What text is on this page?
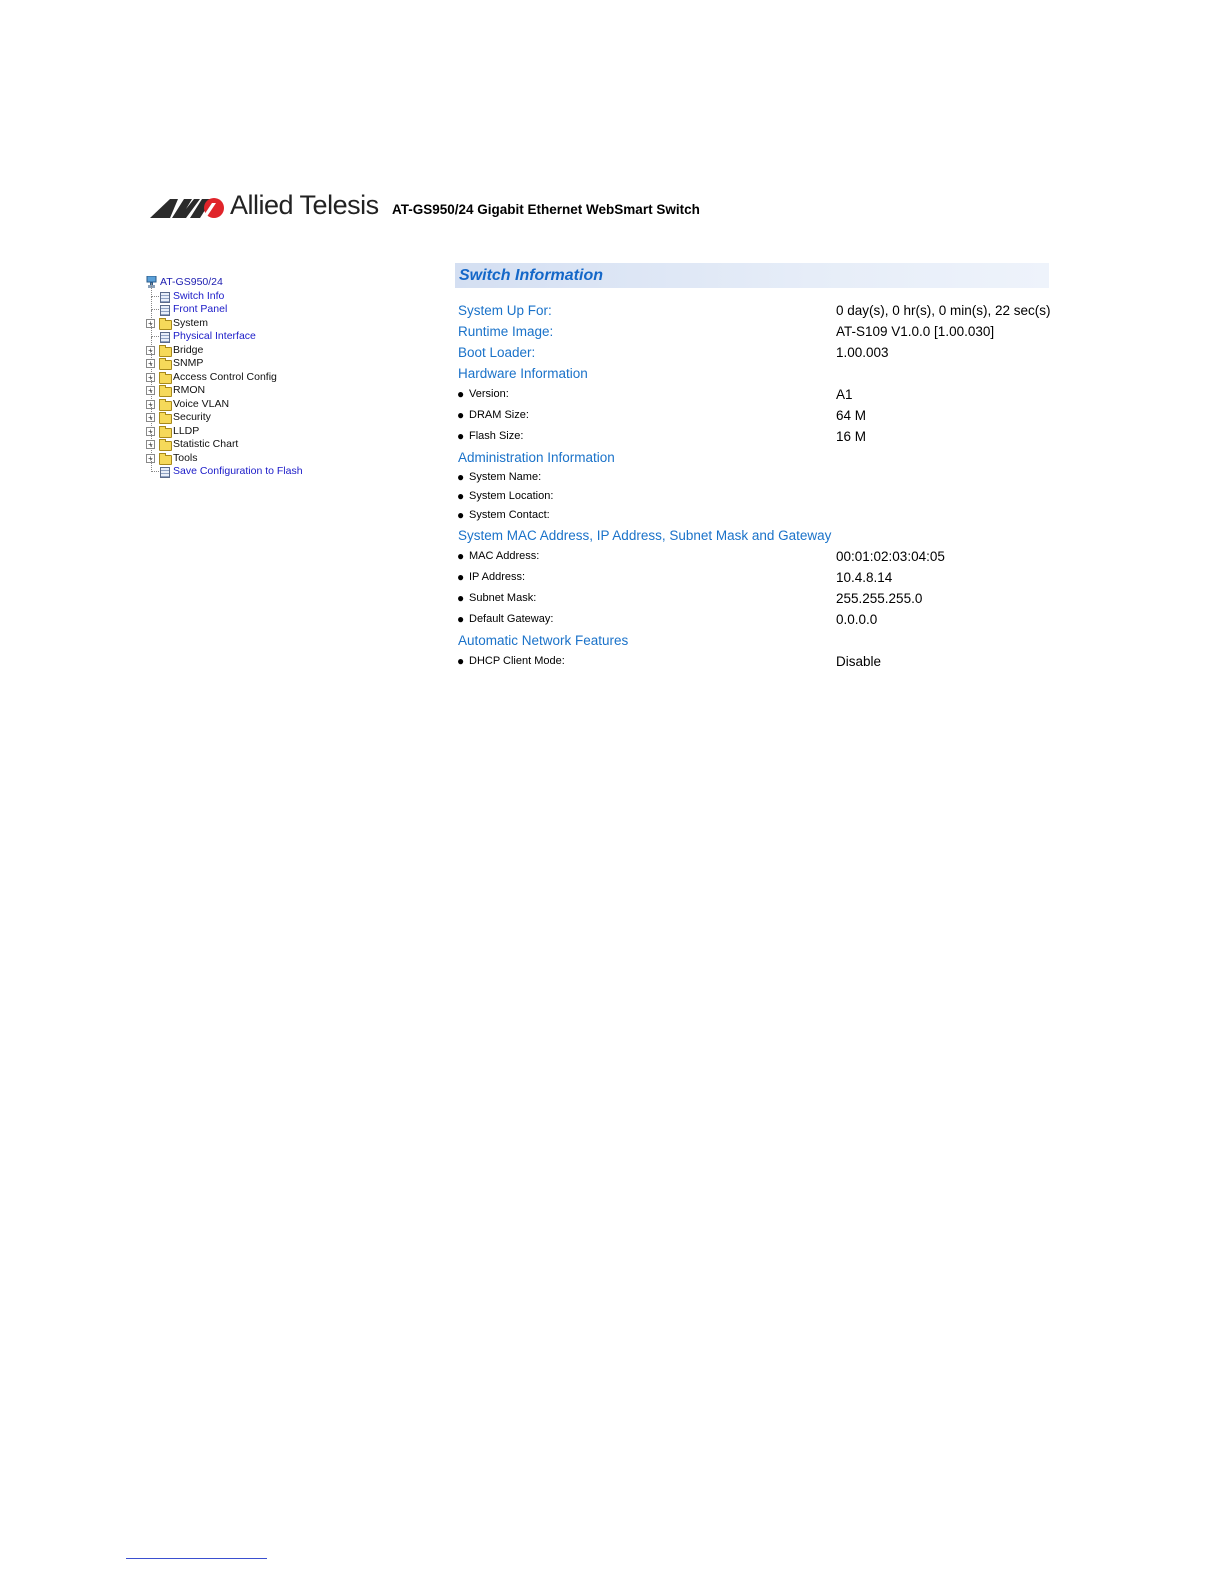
Allied Telesis AT-GS950/24 Gigabit Ethernet WebSmart Switch
AT-GS950/24
Switch Info
Front Panel
+ System
Physical Interface
+ Bridge
+ SNMP
+ Access Control Config
+ RMON
+ Voice VLAN
+ Security
+ LLDP
+ Statistic Chart
+ Tools
Save Configuration to Flash
Switch Information
System Up For:	0 day(s), 0 hr(s), 0 min(s), 22 sec(s)
Runtime Image:	AT-S109 V1.0.0 [1.00.030]
Boot Loader:	1.00.003
Hardware Information
● Version:	A1
● DRAM Size:	64 M
● Flash Size:	16 M
Administration Information
● System Name:
● System Location:
● System Contact:
System MAC Address, IP Address, Subnet Mask and Gateway
● MAC Address:	00:01:02:03:04:05
● IP Address:	10.4.8.14
● Subnet Mask:	255.255.255.0
● Default Gateway:	0.0.0.0
Automatic Network Features
● DHCP Client Mode:	Disable
